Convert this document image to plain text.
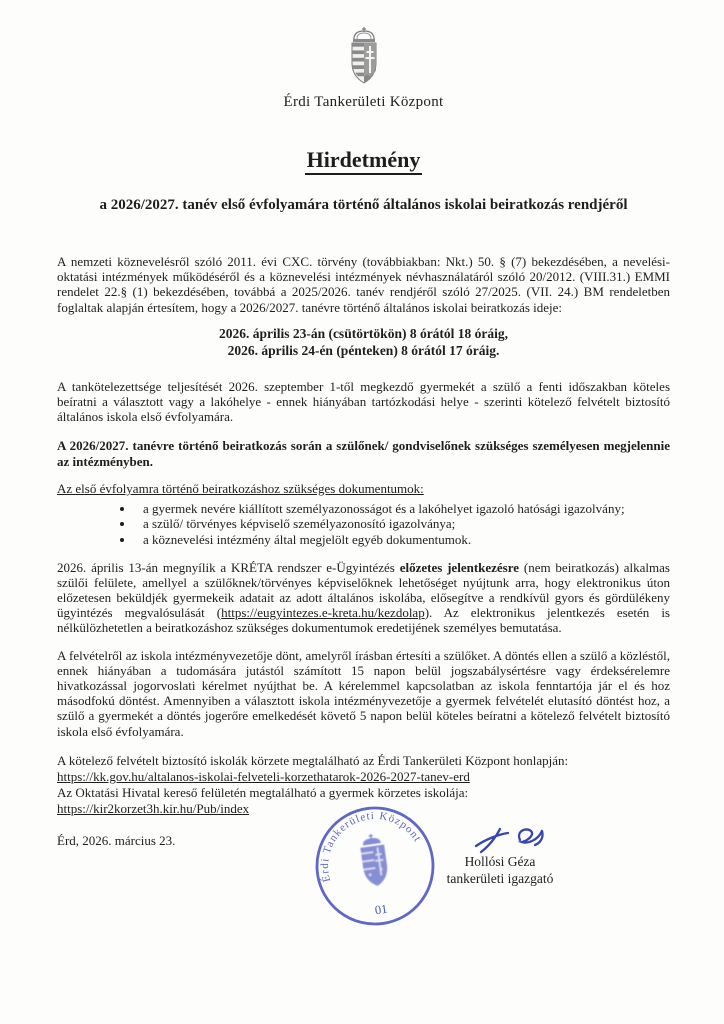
Érdi Tankerületi Központ
Hirdetmény
a 2026/2027. tanév első évfolyamára történő általános iskolai beiratkozás rendjéről

A nemzeti köznevelésről szóló 2011. évi CXC. törvény (továbbiakban: Nkt.) 50. § (7) bekezdésében, a nevelési-oktatási intézmények működéséről és a köznevelési intézmények névhasználatáról szóló 20/2012. (VIII.31.) EMMI rendelet 22.§ (1) bekezdésében, továbbá a 2025/2026. tanév rendjéről szóló 27/2025. (VII. 24.) BM rendeletben foglaltak alapján értesítem, hogy a 2026/2027. tanévre történő általános iskolai beiratkozás ideje:

2026. április 23-án (csütörtökön) 8 órától 18 óráig,
2026. április 24-én (pénteken) 8 órától 17 óráig.

A tankötelezettsége teljesítését 2026. szeptember 1-től megkezdő gyermekét a szülő a fenti időszakban köteles beíratni a választott vagy a lakóhelye - ennek hiányában tartózkodási helye - szerinti kötelező felvételt biztosító általános iskola első évfolyamára.

A 2026/2027. tanévre történő beiratkozás során a szülőnek/ gondviselőnek szükséges személyesen megjelennie az intézményben.

Az első évfolyamra történő beiratkozáshoz szükséges dokumentumok:

• a gyermek nevére kiállított személyazonosságot és a lakóhelyet igazoló hatósági igazolvány;
• a szülő/ törvényes képviselő személyazonosító igazolványa;
• a köznevelési intézmény által megjelölt egyéb dokumentumok.

2026. április 13-án megnyílik a KRÉTA rendszer e-Ügyintézés előzetes jelentkezésre (nem beiratkozás) alkalmas szülői felülete, amellyel a szülőknek/törvényes képviselőknek lehetőséget nyújtunk arra, hogy elektronikus úton előzetesen beküldjék gyermekeik adatait az adott általános iskolába, elősegítve a rendkívül gyors és gördülékeny ügyintézés megvalósulását (https://eugyintezes.e-kreta.hu/kezdolap). Az elektronikus jelentkezés esetén is nélkülözhetetlen a beiratkozáshoz szükséges dokumentumok eredetijének személyes bemutatása.

A felvételről az iskola intézményvezetője dönt, amelyről írásban értesíti a szülőket. A döntés ellen a szülő a közléstől, ennek hiányában a tudomására jutástól számított 15 napon belül jogszabálysértésre vagy érdeksérelemre hivatkozással jogorvoslati kérelmet nyújthat be. A kérelemmel kapcsolatban az iskola fenntartója jár el és hoz másodfokú döntést. Amennyiben a választott iskola intézményvezetője a gyermek felvételét elutasító döntést hoz, a szülő a gyermekét a döntés jogerőre emelkedését követő 5 napon belül köteles beíratni a kötelező felvételt biztosító iskola első évfolyamára.

A kötelező felvételt biztosító iskolák körzete megtalálható az Érdi Tankerületi Központ honlapján:
https://kk.gov.hu/altalanos-iskolai-felveteli-korzethatarok-2026-2027-tanev-erd
Az Oktatási Hivatal kereső felületén megtalálható a gyermek körzetes iskolája:
https://kir2korzet3h.kir.hu/Pub/index
Érd, 2026. március 23.
Érdi Tankerületi Központ
01
Hollósi Géza
tankerületi igazgató
